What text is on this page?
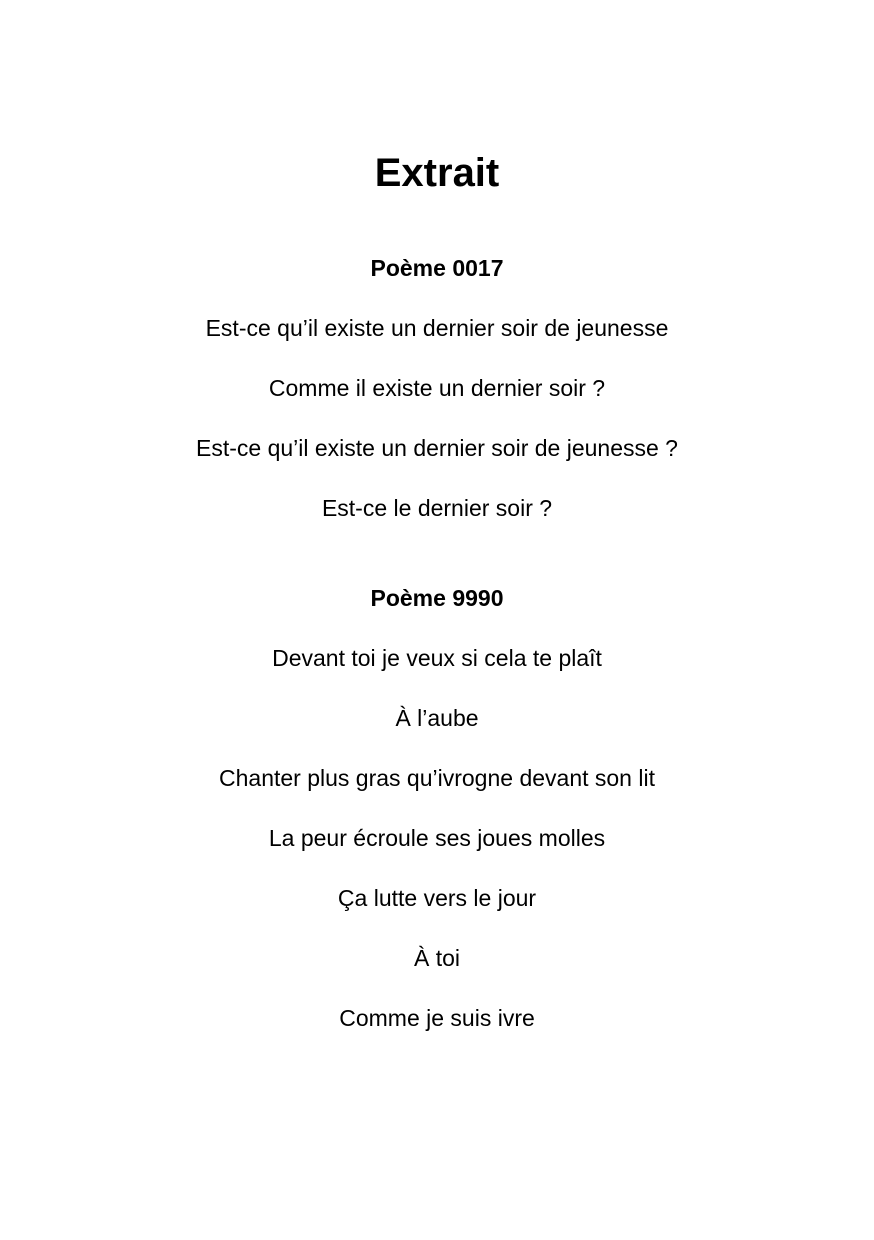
Extrait
Poème 0017
Est-ce qu’il existe un dernier soir de jeunesse
Comme il existe un dernier soir ?
Est-ce qu’il existe un dernier soir de jeunesse ?
Est-ce le dernier soir ?
Poème 9990
Devant toi je veux si cela te plaît
À l’aube
Chanter plus gras qu’ivrogne devant son lit
La peur écroule ses joues molles
Ça lutte vers le jour
À toi
Comme je suis ivre
